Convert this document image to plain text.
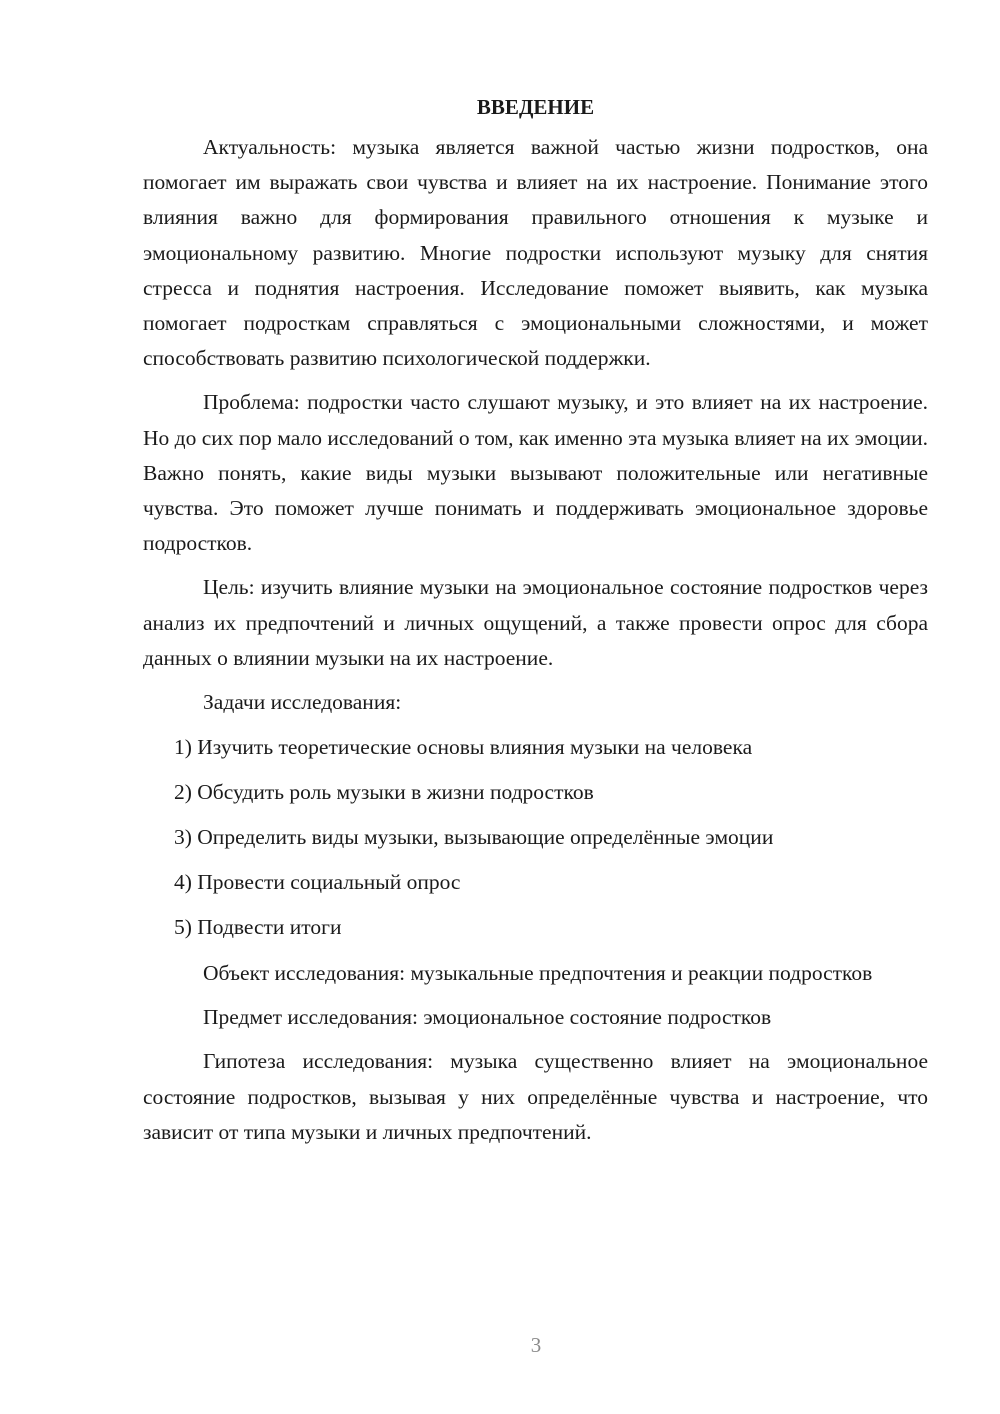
ВВЕДЕНИЕ

Актуальность: музыка является важной частью жизни подростков, она помогает им выражать свои чувства и влияет на их настроение. Понимание этого влияния важно для формирования правильного отношения к музыке и эмоциональному развитию. Многие подростки используют музыку для снятия стресса и поднятия настроения. Исследование поможет выявить, как музыка помогает подросткам справляться с эмоциональными сложностями, и может способствовать развитию психологической поддержки.

Проблема: подростки часто слушают музыку, и это влияет на их настроение. Но до сих пор мало исследований о том, как именно эта музыка влияет на их эмоции. Важно понять, какие виды музыки вызывают положительные или негативные чувства. Это поможет лучше понимать и поддерживать эмоциональное здоровье подростков.

Цель: изучить влияние музыки на эмоциональное состояние подростков через анализ их предпочтений и личных ощущений, а также провести опрос для сбора данных о влиянии музыки на их настроение.

Задачи исследования:
1) Изучить теоретические основы влияния музыки на человека
2) Обсудить роль музыки в жизни подростков
3) Определить виды музыки, вызывающие определённые эмоции
4) Провести социальный опрос
5) Подвести итоги

Объект исследования: музыкальные предпочтения и реакции подростков

Предмет исследования: эмоциональное состояние подростков

Гипотеза исследования: музыка существенно влияет на эмоциональное состояние подростков, вызывая у них определённые чувства и настроение, что зависит от типа музыки и личных предпочтений.

3
